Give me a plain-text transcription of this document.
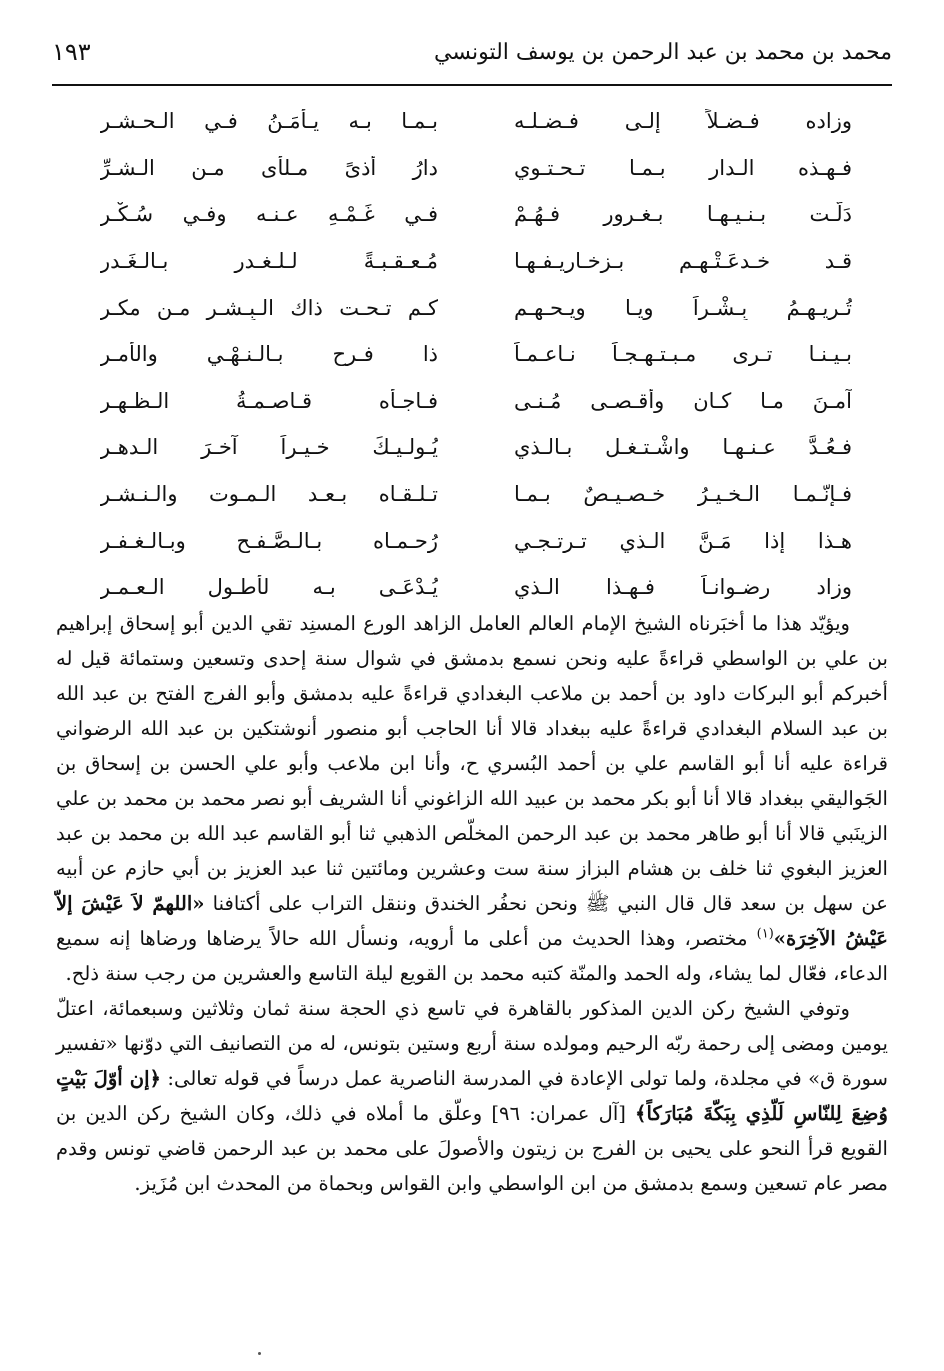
محمد بن محمد بن عبد الرحمن بن يوسف التونسي
١٩٣
وزاده فـضـلاً إلـى فـضـلـه
بـمـا بـه يـأمَـنُ فـي الـحـشـرِ
فـهـذه الـدار بـمـا تـحـتـوي
دارُ أذىً مـلأى مـن الـشـرِّ
دَلّـت بـنـيـهـا بـغـرورٍ فـهُـمْ
فـي غَـمْـهِ عـنـه وفـي سُـكْـرِ
قـد خـدعَـتْـهـم بـزخـاريـفـهـا
مُـعـقـبـةً لـلـغـدر بـالـغَـدرِ
تُـريـهِـمُ بِـشْـراً ويـا ويـحـهـم
كـم تـحـت ذاك الـبِـشـر مـن مكـرِ
بـيـنـا تـرى مـبـتـهـجـاً نـاعـمـاً
ذا فـرح بـالـنـهْـيِ والأمـرِ
آمـنَ مـا كـان وأقـصـى مُـنـى
فـاجـأه قـاصـمـةُ الـظـهـرِ
فـعُـدَّ عـنـهـا واشْـتـغـل بـالـذي
يُـولـيـكَ خـيـراً آخـرَ الـدهـرِ
فـإنّـمـا الـخـيـرُ خـصـيـصٌ بـمـا
تـلـقـاه بـعـد الـمـوت والـنـشـرِ
هـذا إذا مَـنَّ الـذي تـرتـجـي
رُحـمـاه بـالـصَّـفـح وبـالـغـفـرِ
وزاد رضـوانـاً فـهـذا الـذي
يُـدْعَـى بـه لأطـولِ الـعـمـرِ

ويؤيّد هذا ما أخبَرناه الشيخ الإمام العالم العامل الزاهد الورع المسنِد تقي الدين أبو إسحاق إبراهيم بن علي بن الواسطي قراءةً عليه ونحن نسمع بدمشق في شوال سنة إحدى وتسعين وستمائة قيل له أخبركم أبو البركات داود بن أحمد بن ملاعب البغدادي قراءةً عليه بدمشق وأبو الفرج الفتح بن عبد الله بن عبد السلام البغدادي قراءةً عليه ببغداد قالا أنا الحاجب أبو منصور أنوشتكين بن عبد الله الرضواني قراءة عليه أنا أبو القاسم علي بن أحمد البُسري ح، وأنا ابن ملاعب وأبو علي الحسن بن إسحاق بن الجَواليقي ببغداد قالا أنا أبو بكر محمد بن عبيد الله الزاغوني أنا الشريف أبو نصر محمد بن محمد بن علي الزينَبي قالا أنا أبو طاهر محمد بن عبد الرحمن المخلّص الذهبي ثنا أبو القاسم عبد الله بن محمد بن عبد العزيز البغوي ثنا خلف بن هشام البزاز سنة ست وعشرين ومائتين ثنا عبد العزيز بن أبي حازم عن أبيه عن سهل بن سعد قال قال النبي ﷺ ونحن نحفُر الخندق وننقل التراب على أكتافنا «اللهمّ لاَ عَيْشَ إلاّ عَيْشُ الآخِرَة»$^{(١)}$ مختصر، وهذا الحديث من أعلى ما أرويه، ونسأل الله حالاً يرضاها ورضاها إنه سميع الدعاء، فعّال لما يشاء، وله الحمد والمنّة كتبه محمد بن القويع ليلة التاسع والعشرين من رجب سنة ذلح.

وتوفي الشيخ ركن الدين المذكور بالقاهرة في تاسع ذي الحجة سنة ثمان وثلاثين وسبعمائة، اعتلّ يومين ومضى إلى رحمة ربّه الرحيم ومولده سنة أربع وستين بتونس، له من التصانيف التي دوّنها «تفسير سورة ق» في مجلدة، ولما تولى الإعادة في المدرسة الناصرية عمل درساً في قوله تعالى: ﴿إن أوّلَ بَيْتٍ وُضِعَ لِلنّاسِ لَلّذِي بِبَكّةَ مُبَارَكاً﴾ [آل عمران: ٩٦] وعلّق ما أملاه في ذلك، وكان الشيخ ركن الدين بن القويع قرأ النحو على يحيى بن الفرج بن زيتون والأصولَ على محمد بن عبد الرحمن قاضي تونس وقدم مصر عام تسعين وسمع بدمشق من ابن الواسطي وابن القواس وبحماة من المحدث ابن مُزَيز.
